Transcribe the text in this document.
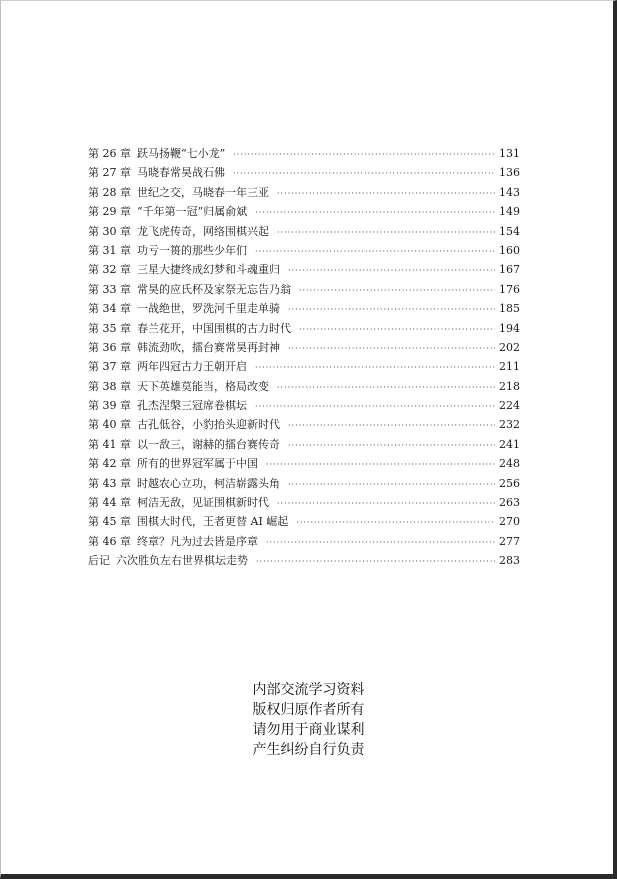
第 26 章 跃马扬鞭“七小龙” ·····	131
第 27 章 马晓春常昊战石佛 ·····	136
第 28 章 世纪之交，马晓春一年三亚 ·····	143
第 29 章 “千年第一冠”归属俞斌 ·····	149
第 30 章 龙飞虎传奇，网络围棋兴起 ·····	154
第 31 章 功亏一篑的那些少年们 ·····	160
第 32 章 三星大捷终成幻梦和斗魂重归 ·····	167
第 33 章 常昊的应氏杯及家祭无忘告乃翁 ·····	176
第 34 章 一战绝世，罗洗河千里走单骑 ·····	185
第 35 章 春兰花开，中国围棋的古力时代 ·····	194
第 36 章 韩流劲吹，擂台赛常昊再封神 ·····	202
第 37 章 两年四冠古力王朝开启 ·····	211
第 38 章 天下英雄莫能当，格局改变 ·····	218
第 39 章 孔杰涅槃三冠席卷棋坛 ·····	224
第 40 章 古孔低谷，小豹抬头迎新时代 ·····	232
第 41 章 以一敌三，谢赫的擂台赛传奇 ·····	241
第 42 章 所有的世界冠军属于中国 ·····	248
第 43 章 时越农心立功，柯洁崭露头角 ·····	256
第 44 章 柯洁无敌，见证围棋新时代 ·····	263
第 45 章 围棋大时代，王者更替 AI 崛起 ·····	270
第 46 章 终章？凡为过去皆是序章 ·····	277
后记 六次胜负左右世界棋坛走势 ·····	283
内部交流学习资料
版权归原作者所有
请勿用于商业谋利
产生纠纷自行负责
